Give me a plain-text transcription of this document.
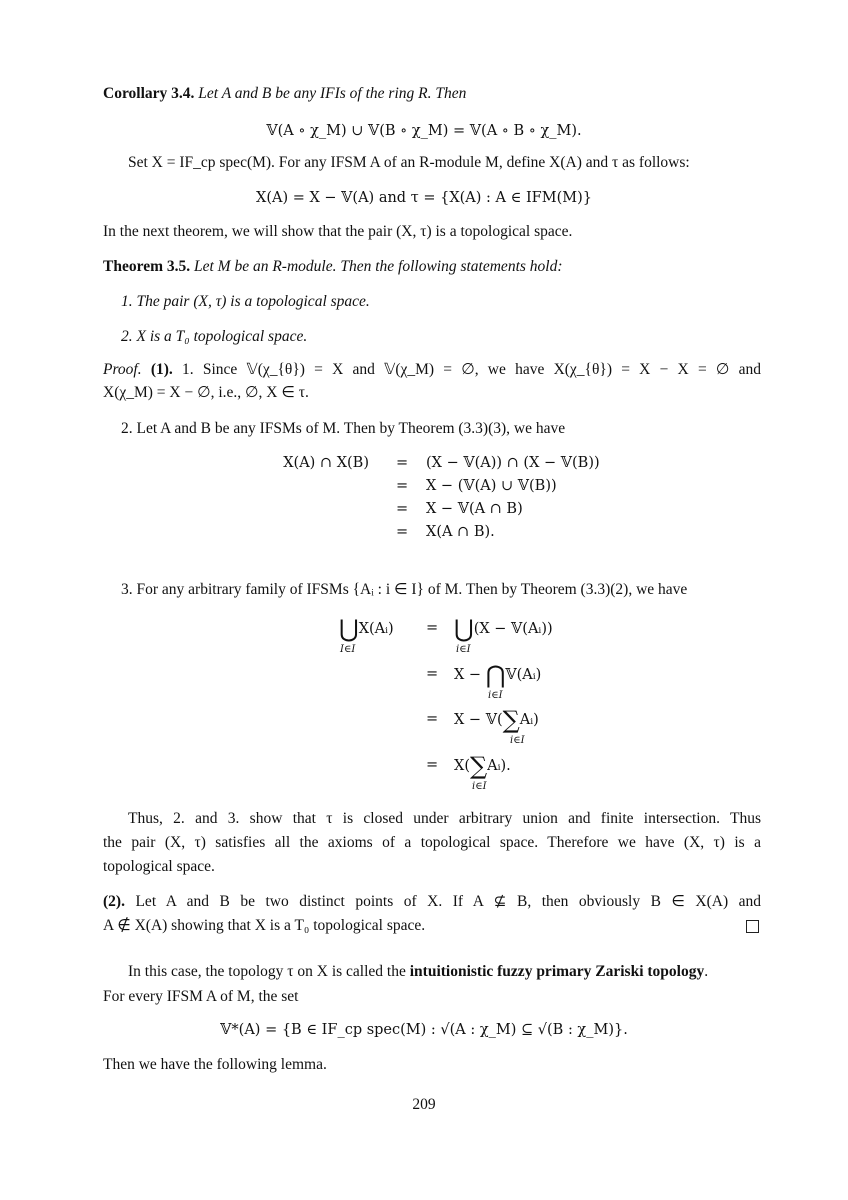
Corollary 3.4. Let A and B be any IFIs of the ring R. Then
𝕍(A ∘ χ_M) ∪ 𝕍(B ∘ χ_M) = 𝕍(A ∘ B ∘ χ_M).
Set X = IF_cp spec(M). For any IFSM A of an R-module M, define X(A) and τ as follows:
X(A) = X − 𝕍(A) and τ = {X(A) : A ∈ IFM(M)}
In the next theorem, we will show that the pair (X, τ) is a topological space.
Theorem 3.5. Let M be an R-module. Then the following statements hold:
1. The pair (X, τ) is a topological space.
2. X is a T₀ topological space.
Proof. (1). 1. Since 𝕍(χ_{θ}) = X and 𝕍(χ_M) = ∅, we have X(χ_{θ}) = X − X = ∅ and
X(χ_M) = X − ∅, i.e., ∅, X ∈ τ.
2. Let A and B be any IFSMs of M. Then by Theorem (3.3)(3), we have
X(A) ∩ X(B) = (X − 𝕍(A)) ∩ (X − 𝕍(B))
= X − (𝕍(A) ∪ 𝕍(B))
= X − 𝕍(A ∩ B)
= X(A ∩ B).
3. For any arbitrary family of IFSMs {Aᵢ : i ∈ I} of M. Then by Theorem (3.3)(2), we have
⋃X(Aᵢ)
I∈I
= ⋃(X − 𝕍(Aᵢ))
i∈I
= X − ⋂𝕍(Aᵢ)
i∈I
= X − 𝕍(∑Aᵢ)
i∈I
= X(∑Aᵢ).
i∈I
Thus, 2. and 3. show that τ is closed under arbitrary union and finite intersection. Thus
the pair (X, τ) satisfies all the axioms of a topological space. Therefore we have (X, τ) is a
topological space.
(2). Let A and B be two distinct points of X. If A ⊈ B, then obviously B ∈ X(A) and
A ∉ X(A) showing that X is a T₀ topological space.
In this case, the topology τ on X is called the intuitionistic fuzzy primary Zariski topology.
For every IFSM A of M, the set
𝕍*(A) = {B ∈ IF_cp spec(M) : √(A : χ_M) ⊆ √(B : χ_M)}.
Then we have the following lemma.
209
